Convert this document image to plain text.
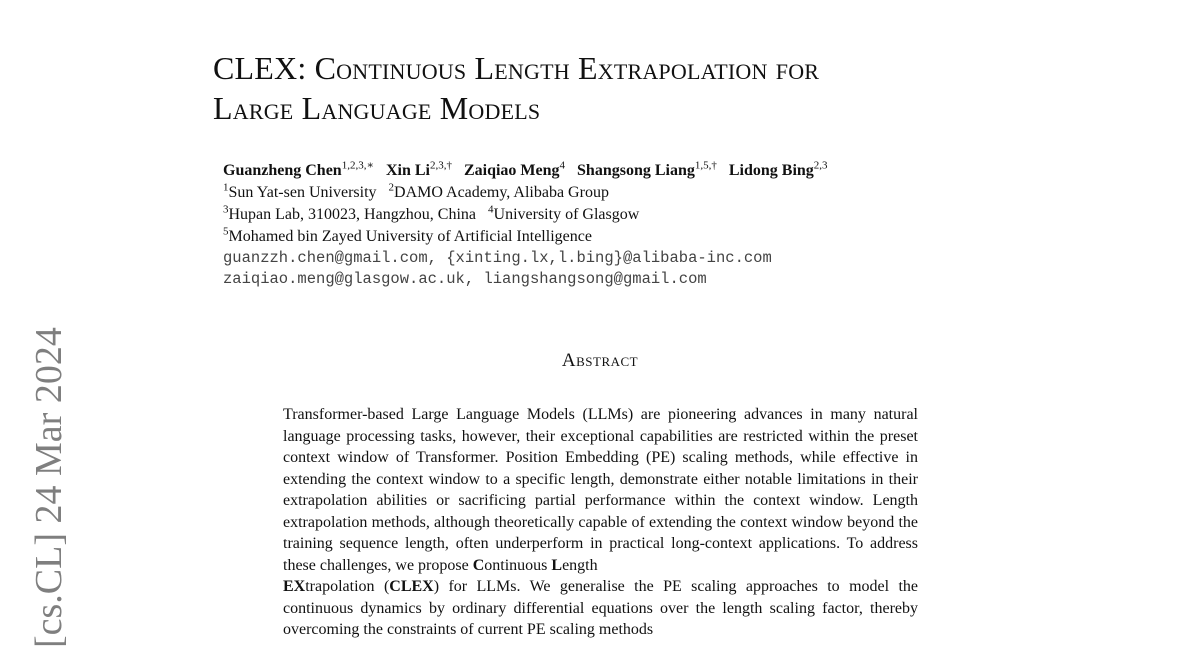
[cs.CL] 24 Mar 2024
CLEX: Continuous Length Extrapolation for
Large Language Models
Guanzheng Chen$^{1,2,3,∗}$ Xin $Li^{2,3,\dagger}$ Zaiqiao Meng$^4$ Shangsong Liang$^{1,5,\dagger}$ Lidong Bing$^{2,3}$
$^1$Sun Yat-sen University $^2$DAMO Academy, Alibaba Group
$^3$Hupan Lab, 310023, Hangzhou, China $^4$University of Glasgow
$^5$Mohamed bin Zayed University of Artificial Intelligence
guanzzh.chen@gmail.com, {xinting.lx,l.bing}@alibaba-inc.com
zaiqiao.meng@glasgow.ac.uk, liangshangsong@gmail.com
Abstract
Transformer-based Large Language Models (LLMs) are pioneering advances in many natural language processing tasks, however, their exceptional capabilities are restricted within the preset context window of Transformer. Position Embedding (PE) scaling methods, while effective in extending the context window to a specific length, demonstrate either notable limitations in their extrapolation abilities or sacrificing partial performance within the context window. Length extrapolation methods, although theoretically capable of extending the context window beyond the training sequence length, often underperform in practical long-context applications. To address these challenges, we propose Continuous Length
EXtrapolation (CLEX) for LLMs. We generalise the PE scaling approaches to model the continuous dynamics by ordinary differential equations over the length scaling factor, thereby overcoming the constraints of current PE scaling methods
